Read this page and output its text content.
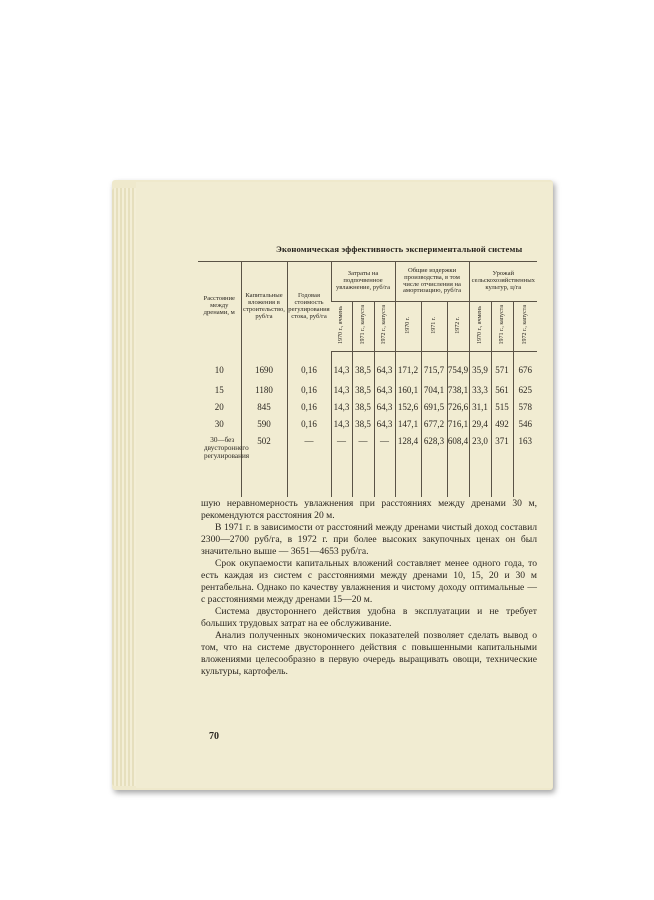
Экономическая эффективность экспериментальной системы
Расстояние между дренами, м	Капитальные вложения в строительство, руб/га	Годовая стоимость регулирования стока, руб/га	Затраты на подпочвенное увлажнение, руб/га			Общие издержки производства, в том числе отчисления на амортизацию, руб/га			Урожай сельскохозяйственных культур, ц/га		
			1970 г., ячмень	1971 г., капуста	1972 г., капуста	1970 г.	1971 г.	1972 г.	1970 г., ячмень	1971 г., капуста	1972 г., капуста
10	1690	0,16	14,3	38,5	64,3	171,2	715,7	754,9	35,9	571	676
15	1180	0,16	14,3	38,5	64,3	160,1	704,1	738,1	33,3	561	625
20	845	0,16	14,3	38,5	64,3	152,6	691,5	726,6	31,1	515	578
30	590	0,16	14,3	38,5	64,3	147,1	677,2	716,1	29,4	492	546
30—без двустороннего регулирования	502	—	—	—	—	128,4	628,3	608,4	23,0	371	163

шую неравномерность увлажнения при расстояниях между дренами 30 м, рекомендуются расстояния 20 м.

В 1971 г. в зависимости от расстояний между дренами чистый доход составил 2300—2700 руб/га, в 1972 г. при более высоких закупочных ценах он был значительно выше — 3651—4653 руб/га.

Срок окупаемости капитальных вложений составляет менее одного года, то есть каждая из систем с расстояниями между дренами 10, 15, 20 и 30 м рентабельна. Однако по качеству увлажнения и чистому доходу оптимальные — с расстояниями между дренами 15—20 м.

Система двустороннего действия удобна в эксплуатации и не требует больших трудовых затрат на ее обслуживание.

Анализ полученных экономических показателей позволяет сделать вывод о том, что на системе двустороннего действия с повышенными капитальными вложениями целесообразно в первую очередь выращивать овощи, технические культуры, картофель.

70
